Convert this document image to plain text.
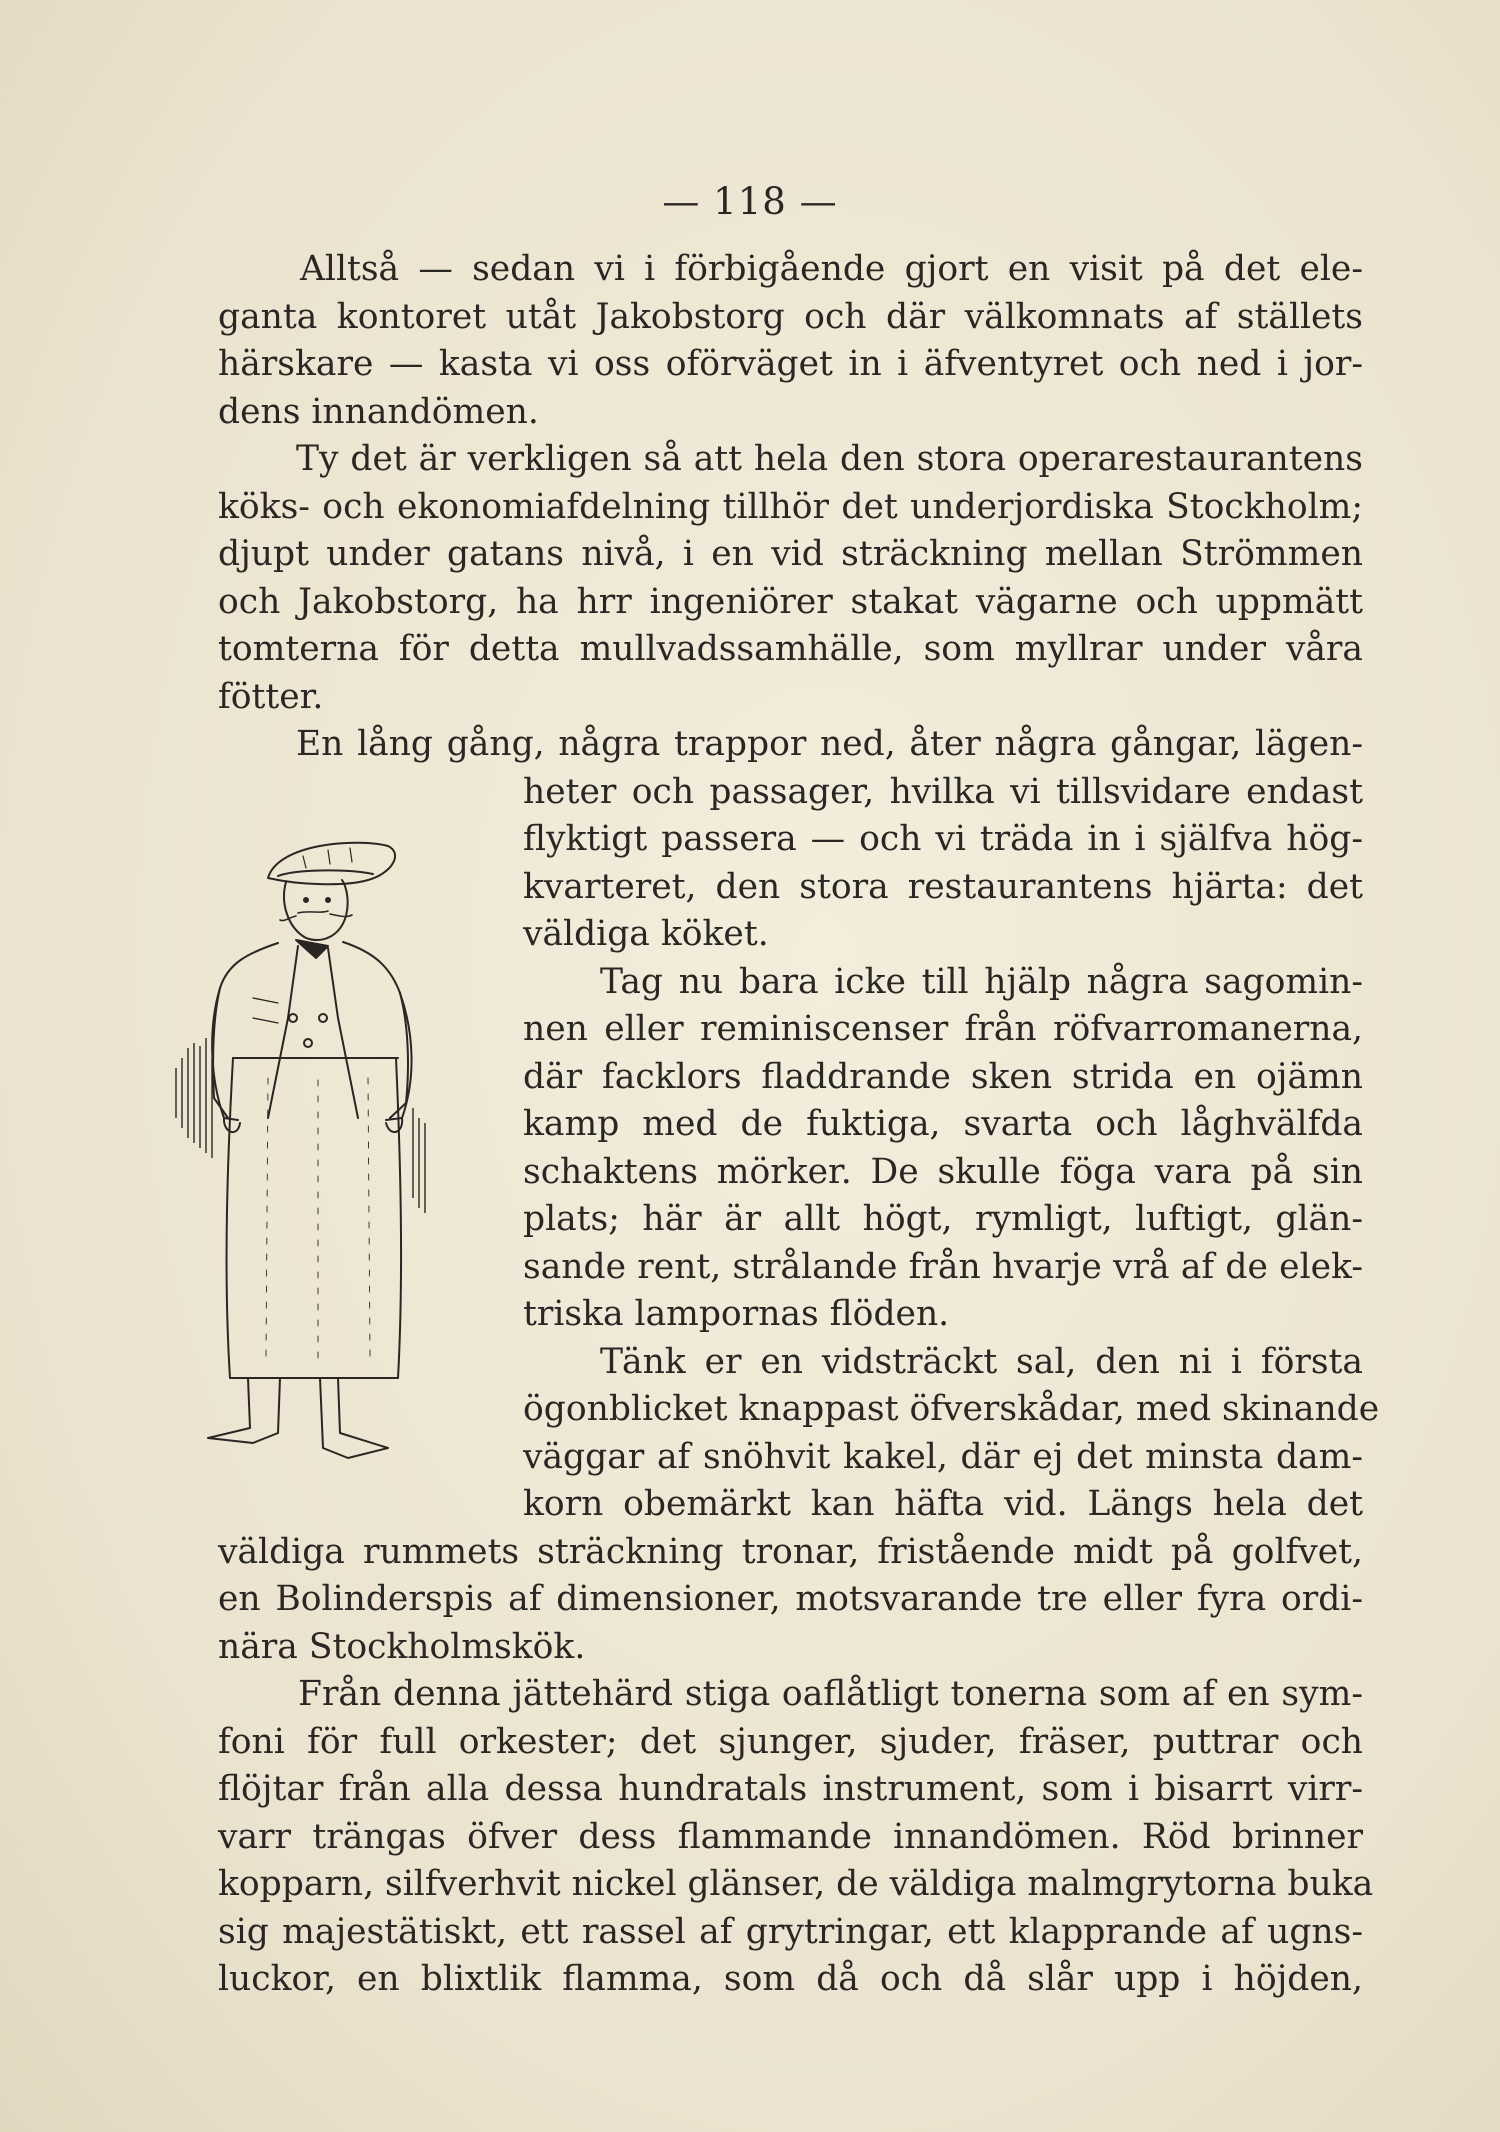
— 118 —
Alltså — sedan vi i förbigående gjort en visit på det ele-
ganta kontoret utåt Jakobstorg och där välkomnats af ställets
härskare — kasta vi oss oförväget in i äfventyret och ned i jor-
dens innandömen.
Ty det är verkligen så att hela den stora operarestaurantens
köks- och ekonomiafdelning tillhör det underjordiska Stockholm;
djupt under gatans nivå, i en vid sträckning mellan Strömmen
och Jakobstorg, ha hrr ingeniörer stakat vägarne och uppmätt
tomterna för detta mullvadssamhälle, som myllrar under våra
fötter.
En lång gång, några trappor ned, åter några gångar, lägen-
heter och passager, hvilka vi tillsvidare endast
flyktigt passera — och vi träda in i själfva hög-
kvarteret, den stora restaurantens hjärta: det
väldiga köket.
Tag nu bara icke till hjälp några sagomin-
nen eller reminiscenser från röfvarromanerna,
där facklors fladdrande sken strida en ojämn
kamp med de fuktiga, svarta och låghvälfda
schaktens mörker. De skulle föga vara på sin
plats; här är allt högt, rymligt, luftigt, glän-
sande rent, strålande från hvarje vrå af de elek-
triska lampornas flöden.
Tänk er en vidsträckt sal, den ni i första
ögonblicket knappast öfverskådar, med skinande
väggar af snöhvit kakel, där ej det minsta dam-
korn obemärkt kan häfta vid. Längs hela det
väldiga rummets sträckning tronar, fristående midt på golfvet,
en Bolinderspis af dimensioner, motsvarande tre eller fyra ordi-
nära Stockholmskök.
Från denna jättehärd stiga oaflåtligt tonerna som af en sym-
foni för full orkester; det sjunger, sjuder, fräser, puttrar och
flöjtar från alla dessa hundratals instrument, som i bisarrt virr-
varr trängas öfver dess flammande innandömen. Röd brinner
kopparn, silfverhvit nickel glänser, de väldiga malmgrytorna buka
sig majestätiskt, ett rassel af grytringar, ett klapprande af ugns-
luckor, en blixtlik flamma, som då och då slår upp i höjden,
